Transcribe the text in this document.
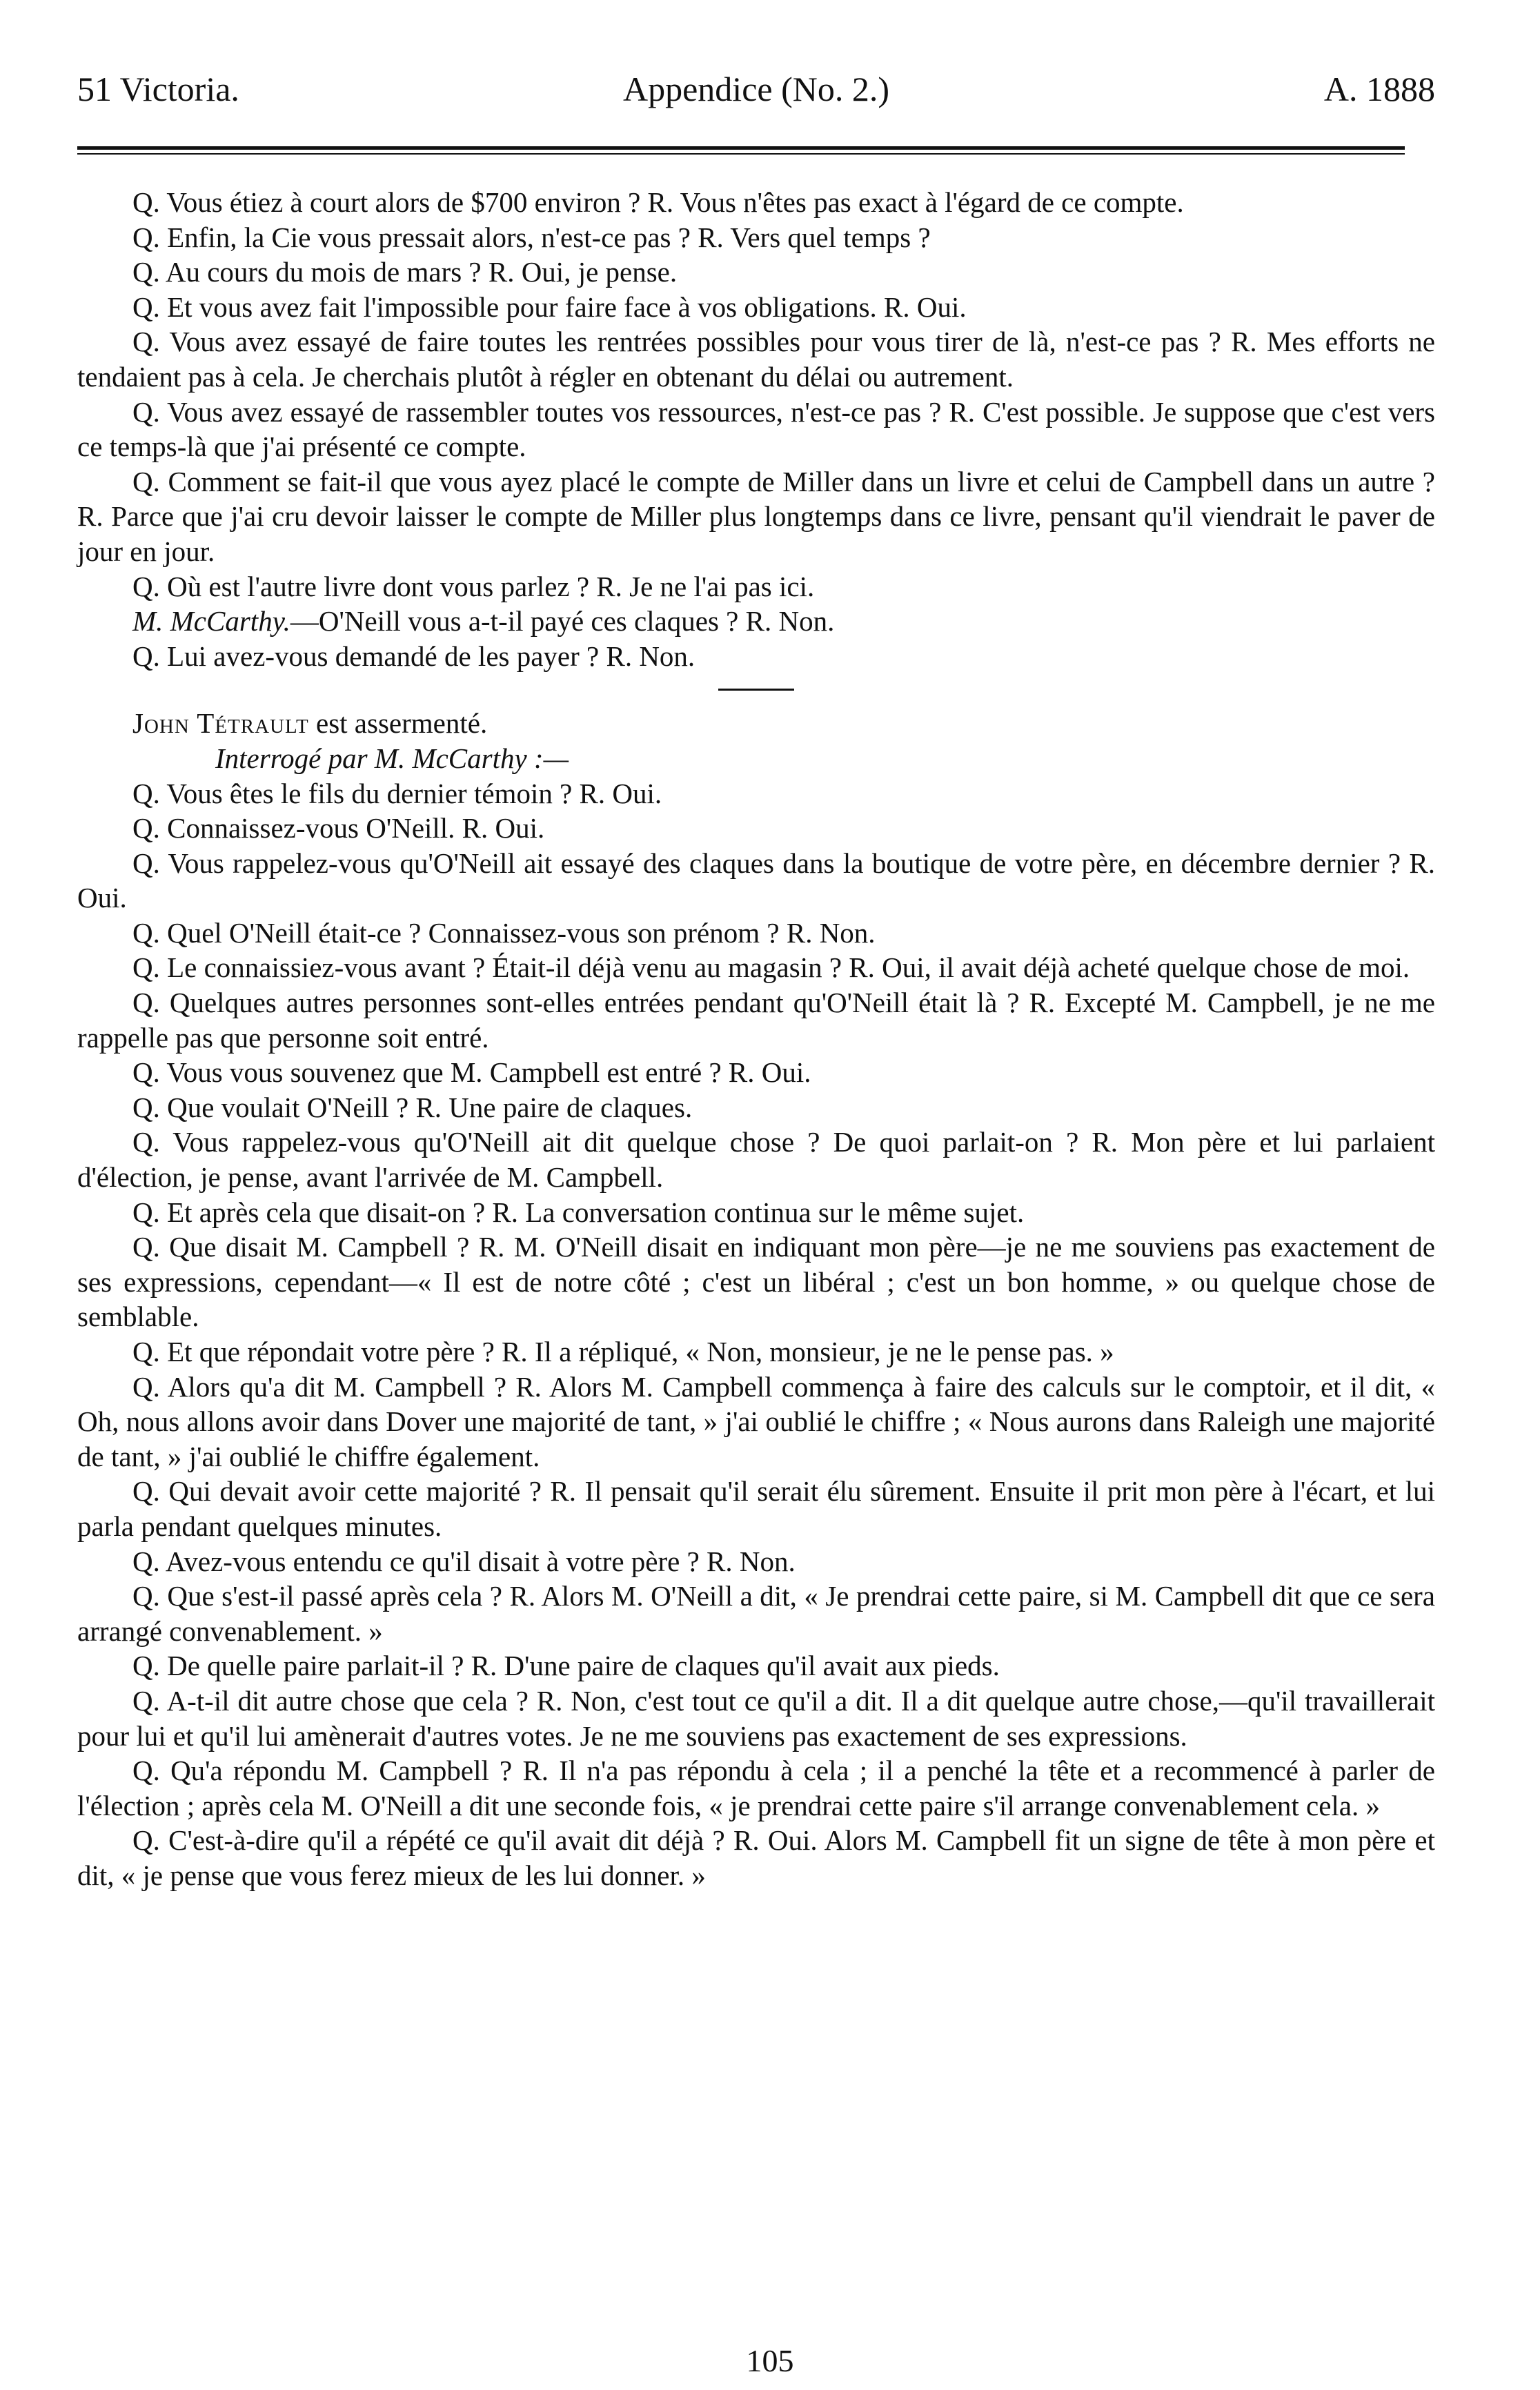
51 Victoria.	Appendice (No. 2.)	A. 1888

Q. Vous étiez à court alors de $700 environ ? R. Vous n'êtes pas exact à l'égard de ce compte.

Q. Enfin, la Cie vous pressait alors, n'est-ce pas ? R. Vers quel temps ?

Q. Au cours du mois de mars ? R. Oui, je pense.

Q. Et vous avez fait l'impossible pour faire face à vos obligations. R. Oui.

Q. Vous avez essayé de faire toutes les rentrées possibles pour vous tirer de là, n'est-ce pas ? R. Mes efforts ne tendaient pas à cela. Je cherchais plutôt à régler en obtenant du délai ou autrement.

Q. Vous avez essayé de rassembler toutes vos ressources, n'est-ce pas ? R. C'est possible. Je suppose que c'est vers ce temps-là que j'ai présenté ce compte.

Q. Comment se fait-il que vous ayez placé le compte de Miller dans un livre et celui de Campbell dans un autre ? R. Parce que j'ai cru devoir laisser le compte de Miller plus longtemps dans ce livre, pensant qu'il viendrait le paver de jour en jour.

Q. Où est l'autre livre dont vous parlez ? R. Je ne l'ai pas ici.

M. McCarthy.—O'Neill vous a-t-il payé ces claques ? R. Non.

Q. Lui avez-vous demandé de les payer ? R. Non.

John Tétrault est assermenté.

Interrogé par M. McCarthy :—

Q. Vous êtes le fils du dernier témoin ? R. Oui.

Q. Connaissez-vous O'Neill. R. Oui.

Q. Vous rappelez-vous qu'O'Neill ait essayé des claques dans la boutique de votre père, en décembre dernier ? R. Oui.

Q. Quel O'Neill était-ce ? Connaissez-vous son prénom ? R. Non.

Q. Le connaissiez-vous avant ? Était-il déjà venu au magasin ? R. Oui, il avait déjà acheté quelque chose de moi.

Q. Quelques autres personnes sont-elles entrées pendant qu'O'Neill était là ? R. Excepté M. Campbell, je ne me rappelle pas que personne soit entré.

Q. Vous vous souvenez que M. Campbell est entré ? R. Oui.

Q. Que voulait O'Neill ? R. Une paire de claques.

Q. Vous rappelez-vous qu'O'Neill ait dit quelque chose ? De quoi parlait-on ? R. Mon père et lui parlaient d'élection, je pense, avant l'arrivée de M. Campbell.

Q. Et après cela que disait-on ? R. La conversation continua sur le même sujet.

Q. Que disait M. Campbell ? R. M. O'Neill disait en indiquant mon père—je ne me souviens pas exactement de ses expressions, cependant—« Il est de notre côté ; c'est un libéral ; c'est un bon homme, » ou quelque chose de semblable.

Q. Et que répondait votre père ? R. Il a répliqué, « Non, monsieur, je ne le pense pas. »

Q. Alors qu'a dit M. Campbell ? R. Alors M. Campbell commença à faire des calculs sur le comptoir, et il dit, « Oh, nous allons avoir dans Dover une majorité de tant, » j'ai oublié le chiffre ; « Nous aurons dans Raleigh une majorité de tant, » j'ai oublié le chiffre également.

Q. Qui devait avoir cette majorité ? R. Il pensait qu'il serait élu sûrement. Ensuite il prit mon père à l'écart, et lui parla pendant quelques minutes.

Q. Avez-vous entendu ce qu'il disait à votre père ? R. Non.

Q. Que s'est-il passé après cela ? R. Alors M. O'Neill a dit, « Je prendrai cette paire, si M. Campbell dit que ce sera arrangé convenablement. »

Q. De quelle paire parlait-il ? R. D'une paire de claques qu'il avait aux pieds.

Q. A-t-il dit autre chose que cela ? R. Non, c'est tout ce qu'il a dit. Il a dit quelque autre chose,—qu'il travaillerait pour lui et qu'il lui amènerait d'autres votes. Je ne me souviens pas exactement de ses expressions.

Q. Qu'a répondu M. Campbell ? R. Il n'a pas répondu à cela ; il a penché la tête et a recommencé à parler de l'élection ; après cela M. O'Neill a dit une seconde fois, « je prendrai cette paire s'il arrange convenablement cela. »

Q. C'est-à-dire qu'il a répété ce qu'il avait dit déjà ? R. Oui. Alors M. Campbell fit un signe de tête à mon père et dit, « je pense que vous ferez mieux de les lui donner. »

105
